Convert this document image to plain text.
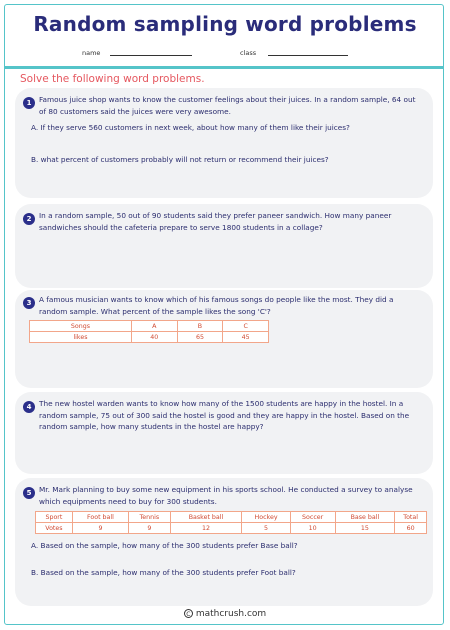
Random sampling word problems
name	class
Solve the following word problems.
1	Famous juice shop wants to know the customer feelings about their juices. In a random sample, 64 out of 80 customers said the juices were very awesome.
A. If they serve 560 customers in next week, about how many of them like their juices?
B. what percent of customers probably will not return or recommend their juices?
2	In a random sample, 50 out of 90 students said they prefer paneer sandwich. How many paneer sandwiches should the cafeteria prepare to serve 1800 students in a collage?
3	A famous musician wants to know which of his famous songs do people like the most. They did a random sample. What percent of the sample likes the song 'C'?
Songs	A	B	C
likes	40	65	45
4	The new hostel warden wants to know how many of the 1500 students are happy in the hostel. In a random sample, 75 out of 300 said the hostel is good and they are happy in the hostel. Based on the random sample, how many students in the hostel are happy?
5	Mr. Mark planning to buy some new equipment in his sports school. He conducted a survey to analyse which equipments need to buy for 300 students.
Sport	Foot ball	Tennis	Basket ball	Hockey	Soccer	Base ball	Total
Votes	9	9	12	5	10	15	60
A. Based on the sample, how many of the 300 students prefer Base ball?
B. Based on the sample, how many of the 300 students prefer Foot ball?
C mathcrush.com
